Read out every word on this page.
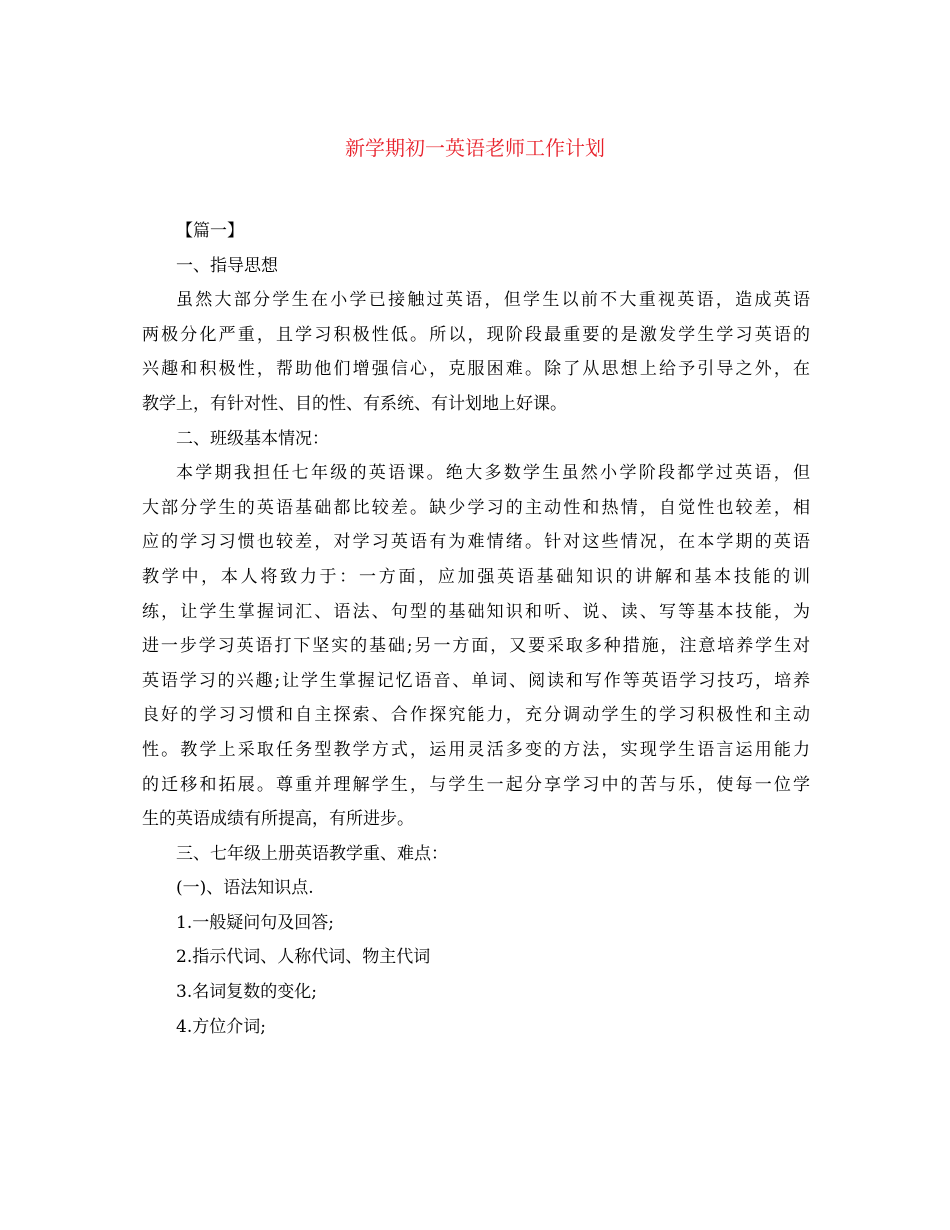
新学期初一英语老师工作计划
【篇一】
一、指导思想
虽然大部分学生在小学已接触过英语，但学生以前不大重视英语，造成英语
两极分化严重，且学习积极性低。所以，现阶段最重要的是激发学生学习英语的
兴趣和积极性，帮助他们增强信心，克服困难。除了从思想上给予引导之外，在
教学上，有针对性、目的性、有系统、有计划地上好课。
二、班级基本情况：
本学期我担任七年级的英语课。绝大多数学生虽然小学阶段都学过英语，但
大部分学生的英语基础都比较差。缺少学习的主动性和热情，自觉性也较差，相
应的学习习惯也较差，对学习英语有为难情绪。针对这些情况，在本学期的英语
教学中，本人将致力于：一方面，应加强英语基础知识的讲解和基本技能的训
练，让学生掌握词汇、语法、句型的基础知识和听、说、读、写等基本技能，为
进一步学习英语打下坚实的基础;另一方面，又要采取多种措施，注意培养学生对
英语学习的兴趣;让学生掌握记忆语音、单词、阅读和写作等英语学习技巧，培养
良好的学习习惯和自主探索、合作探究能力，充分调动学生的学习积极性和主动
性。教学上采取任务型教学方式，运用灵活多变的方法，实现学生语言运用能力
的迁移和拓展。尊重并理解学生，与学生一起分享学习中的苦与乐，使每一位学
生的英语成绩有所提高，有所进步。
三、七年级上册英语教学重、难点：
(一)、语法知识点.
1.一般疑问句及回答;
2.指示代词、人称代词、物主代词
3.名词复数的变化;
4.方位介词;
